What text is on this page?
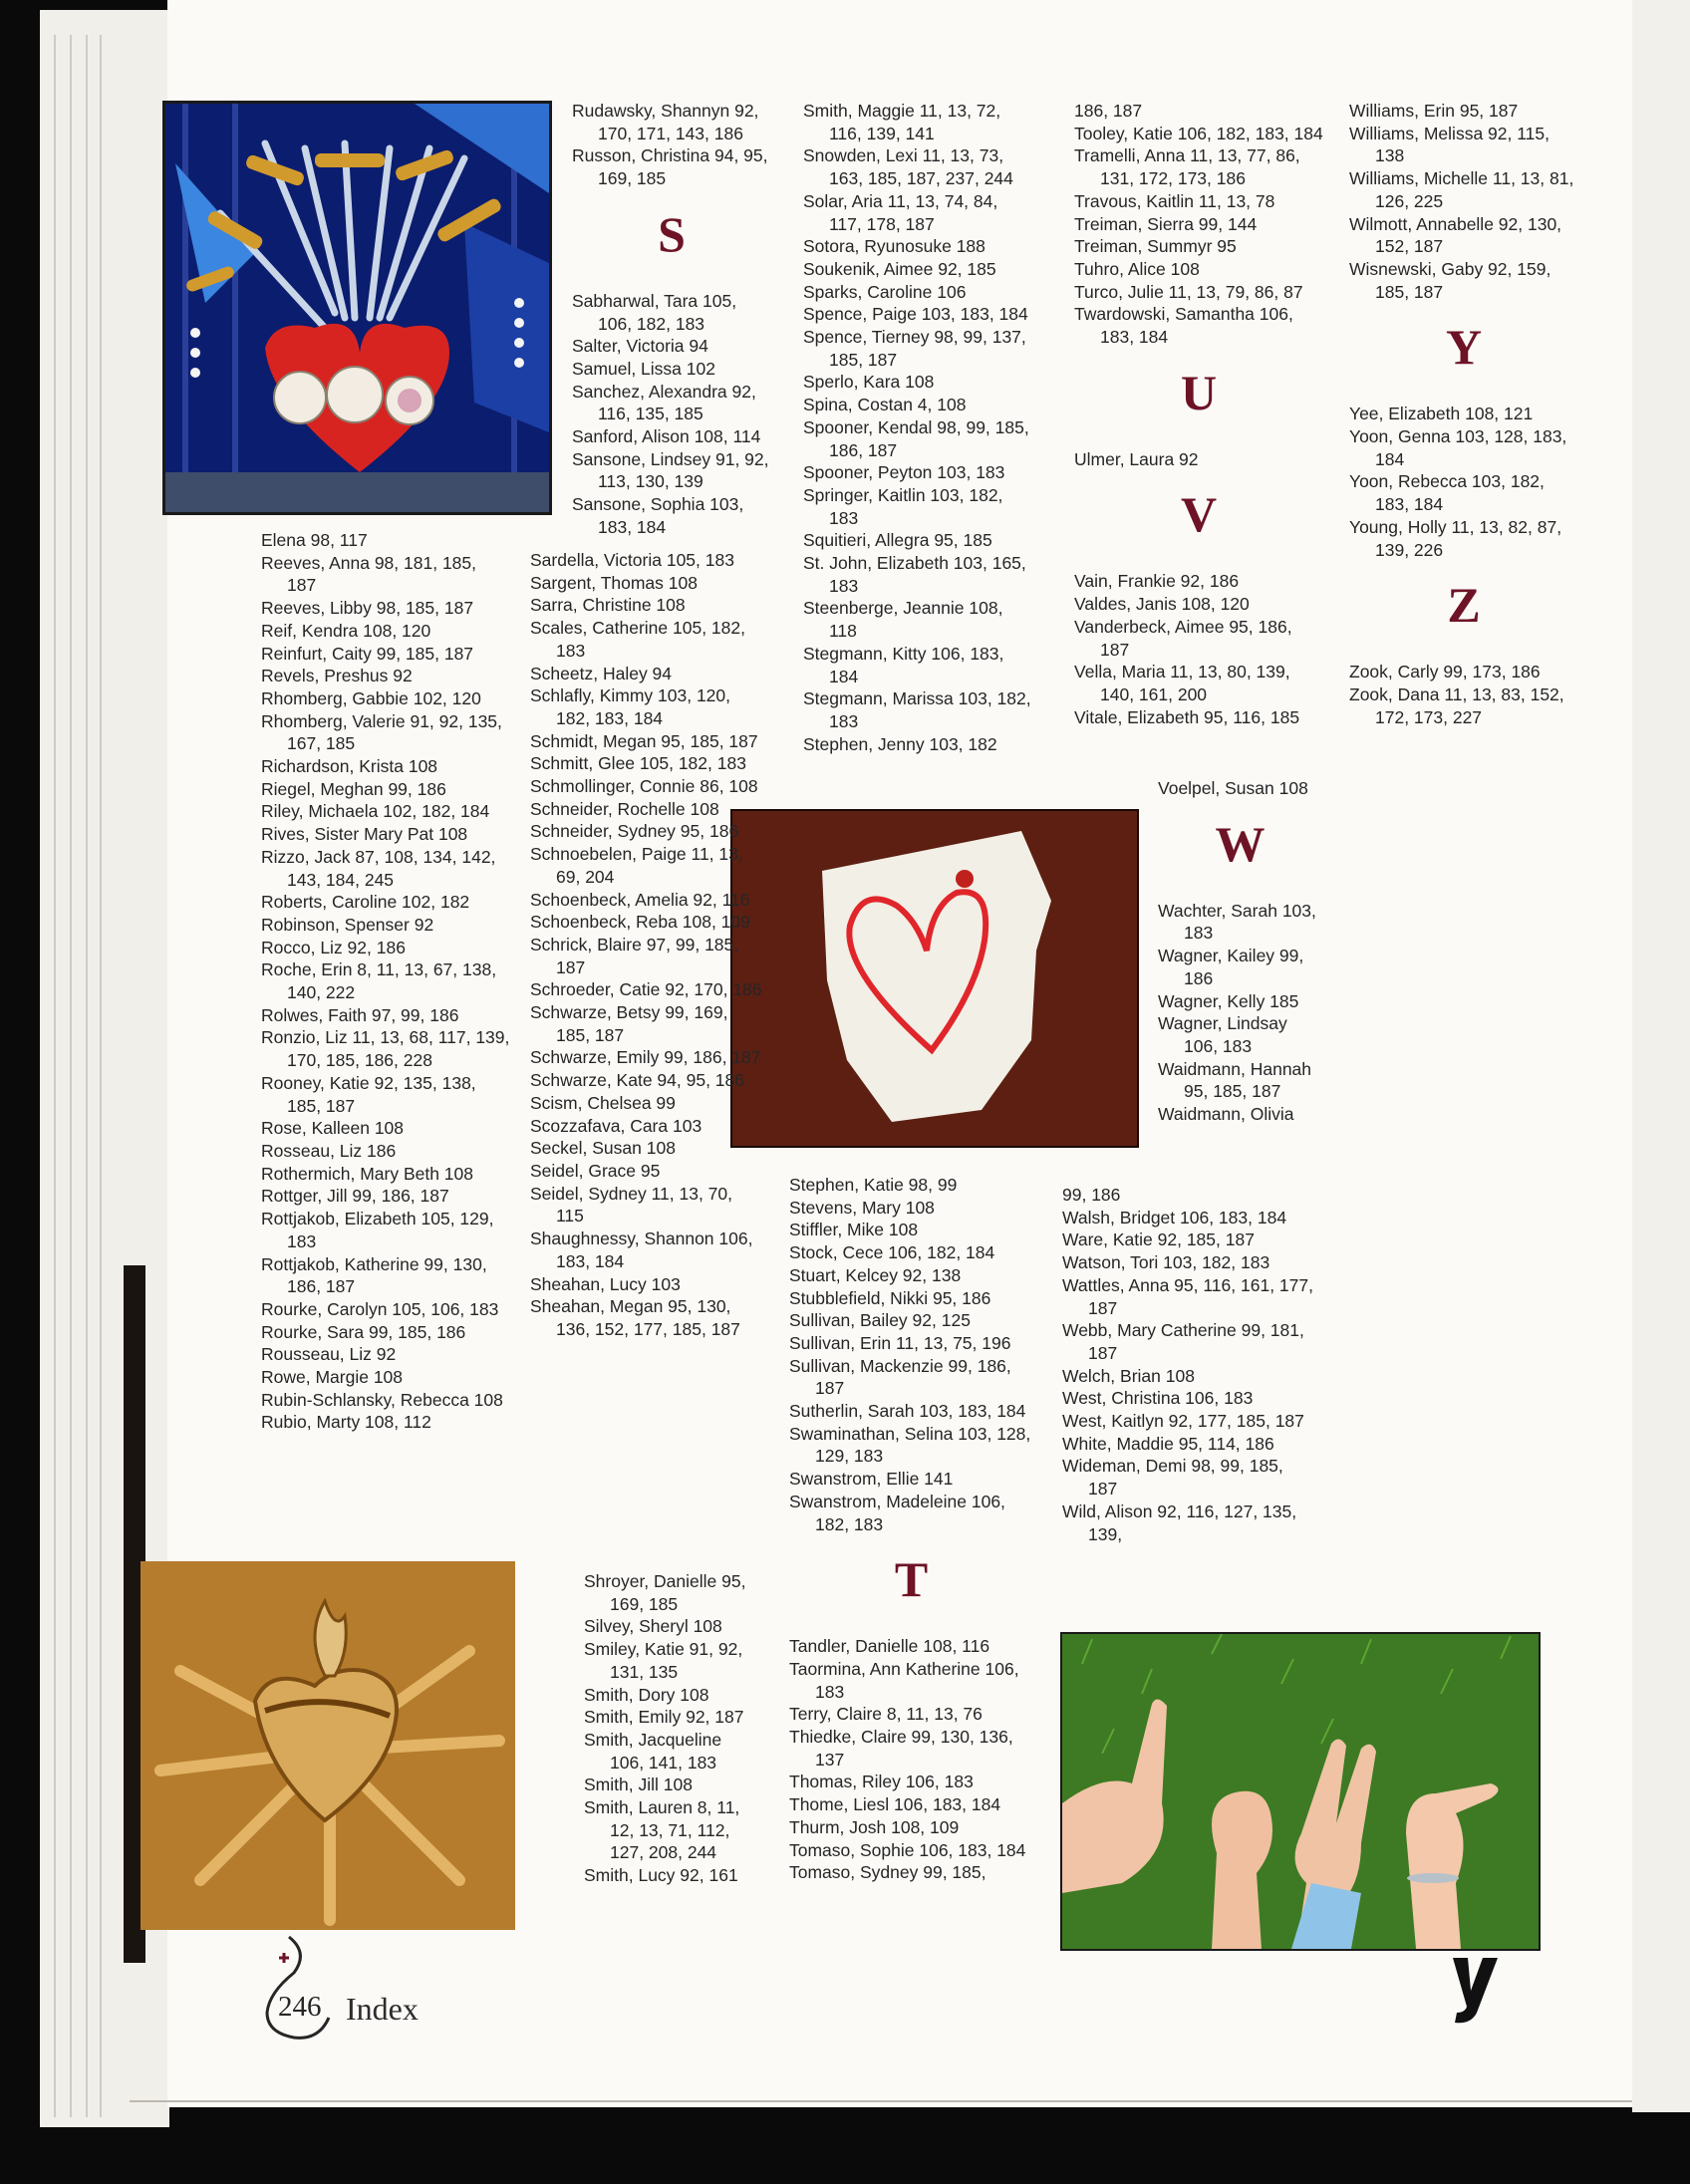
Elena 98, 117
Reeves, Anna 98, 181, 185, 187
Reeves, Libby 98, 185, 187
Reif, Kendra 108, 120
Reinfurt, Caity 99, 185, 187
Revels, Preshus 92
Rhomberg, Gabbie 102, 120
Rhomberg, Valerie 91, 92, 135, 167, 185
Richardson, Krista 108
Riegel, Meghan 99, 186
Riley, Michaela 102, 182, 184
Rives, Sister Mary Pat 108
Rizzo, Jack 87, 108, 134, 142, 143, 184, 245
Roberts, Caroline 102, 182
Robinson, Spenser 92
Rocco, Liz 92, 186
Roche, Erin 8, 11, 13, 67, 138, 140, 222
Rolwes, Faith 97, 99, 186
Ronzio, Liz 11, 13, 68, 117, 139, 170, 185, 186, 228
Rooney, Katie 92, 135, 138, 185, 187
Rose, Kalleen 108
Rosseau, Liz 186
Rothermich, Mary Beth 108
Rottger, Jill 99, 186, 187
Rottjakob, Elizabeth 105, 129, 183
Rottjakob, Katherine 99, 130, 186, 187
Rourke, Carolyn 105, 106, 183
Rourke, Sara 99, 185, 186
Rousseau, Liz 92
Rowe, Margie 108
Rubin-Schlansky, Rebecca 108
Rubio, Marty 108, 112
Rudawsky, Shannyn 92, 170, 171, 143, 186
Russon, Christina 94, 95, 169, 185
S
Sabharwal, Tara 105, 106, 182, 183
Salter, Victoria 94
Samuel, Lissa 102
Sanchez, Alexandra 92, 116, 135, 185
Sanford, Alison 108, 114
Sansone, Lindsey 91, 92, 113, 130, 139
Sansone, Sophia 103, 183, 184
Sardella, Victoria 105, 183
Sargent, Thomas 108
Sarra, Christine 108
Scales, Catherine 105, 182, 183
Scheetz, Haley 94
Schlafly, Kimmy 103, 120, 182, 183, 184
Schmidt, Megan 95, 185, 187
Schmitt, Glee 105, 182, 183
Schmollinger, Connie 86, 108
Schneider, Rochelle 108
Schneider, Sydney 95, 186
Schnoebelen, Paige 11, 13, 69, 204
Schoenbeck, Amelia 92, 116
Schoenbeck, Reba 108, 109
Schrick, Blaire 97, 99, 185, 187
Schroeder, Catie 92, 170, 186
Schwarze, Betsy 99, 169, 185, 187
Schwarze, Emily 99, 186, 187
Schwarze, Kate 94, 95, 186
Scism, Chelsea 99
Scozzafava, Cara 103
Seckel, Susan 108
Seidel, Grace 95
Seidel, Sydney 11, 13, 70, 115
Shaughnessy, Shannon 106, 183, 184
Sheahan, Lucy 103
Sheahan, Megan 95, 130, 136, 152, 177, 185, 187
Shroyer, Danielle 95, 169, 185
Silvey, Sheryl 108
Smiley, Katie 91, 92, 131, 135
Smith, Dory 108
Smith, Emily 92, 187
Smith, Jacqueline 106, 141, 183
Smith, Jill 108
Smith, Lauren 8, 11, 12, 13, 71, 112, 127, 208, 244
Smith, Lucy 92, 161
Smith, Maggie 11, 13, 72, 116, 139, 141
Snowden, Lexi 11, 13, 73, 163, 185, 187, 237, 244
Solar, Aria 11, 13, 74, 84, 117, 178, 187
Sotora, Ryunosuke 188
Soukenik, Aimee 92, 185
Sparks, Caroline 106
Spence, Paige 103, 183, 184
Spence, Tierney 98, 99, 137, 185, 187
Sperlo, Kara 108
Spina, Costan 4, 108
Spooner, Kendal 98, 99, 185, 186, 187
Spooner, Peyton 103, 183
Springer, Kaitlin 103, 182, 183
Squitieri, Allegra 95, 185
St. John, Elizabeth 103, 165, 183
Steenberge, Jeannie 108, 118
Stegmann, Kitty 106, 183, 184
Stegmann, Marissa 103, 182, 183
Stephen, Jenny 103, 182
Stephen, Katie 98, 99
Stevens, Mary 108
Stiffler, Mike 108
Stock, Cece 106, 182, 184
Stuart, Kelcey 92, 138
Stubblefield, Nikki 95, 186
Sullivan, Bailey 92, 125
Sullivan, Erin 11, 13, 75, 196
Sullivan, Mackenzie 99, 186, 187
Sutherlin, Sarah 103, 183, 184
Swaminathan, Selina 103, 128, 129, 183
Swanstrom, Ellie 141
Swanstrom, Madeleine 106, 182, 183
T
Tandler, Danielle 108, 116
Taormina, Ann Katherine 106, 183
Terry, Claire 8, 11, 13, 76
Thiedke, Claire 99, 130, 136, 137
Thomas, Riley 106, 183
Thome, Liesl 106, 183, 184
Thurm, Josh 108, 109
Tomaso, Sophie 106, 183, 184
Tomaso, Sydney 99, 185,
186, 187
Tooley, Katie 106, 182, 183, 184
Tramelli, Anna 11, 13, 77, 86, 131, 172, 173, 186
Travous, Kaitlin 11, 13, 78
Treiman, Sierra 99, 144
Treiman, Summyr 95
Tuhro, Alice 108
Turco, Julie 11, 13, 79, 86, 87
Twardowski, Samantha 106, 183, 184
U
Ulmer, Laura 92
V
Vain, Frankie 92, 186
Valdes, Janis 108, 120
Vanderbeck, Aimee 95, 186, 187
Vella, Maria 11, 13, 80, 139, 140, 161, 200
Vitale, Elizabeth 95, 116, 185
Voelpel, Susan 108
W
Wachter, Sarah 103, 183
Wagner, Kailey 99, 186
Wagner, Kelly 185
Wagner, Lindsay 106, 183
Waidmann, Hannah 95, 185, 187
Waidmann, Olivia
99, 186
Walsh, Bridget 106, 183, 184
Ware, Katie 92, 185, 187
Watson, Tori 103, 182, 183
Wattles, Anna 95, 116, 161, 177, 187
Webb, Mary Catherine 99, 181, 187
Welch, Brian 108
West, Christina 106, 183
West, Kaitlyn 92, 177, 185, 187
White, Maddie 95, 114, 186
Wideman, Demi 98, 99, 185, 187
Wild, Alison 92, 116, 127, 135, 139,
Williams, Erin 95, 187
Williams, Melissa 92, 115, 138
Williams, Michelle 11, 13, 81, 126, 225
Wilmott, Annabelle 92, 130, 152, 187
Wisnewski, Gaby 92, 159, 185, 187
Y
Yee, Elizabeth 108, 121
Yoon, Genna 103, 128, 183, 184
Yoon, Rebecca 103, 182, 183, 184
Young, Holly 11, 13, 82, 87, 139, 226
Z
Zook, Carly 99, 173, 186
Zook, Dana 11, 13, 83, 152, 172, 173, 227
246 Index
